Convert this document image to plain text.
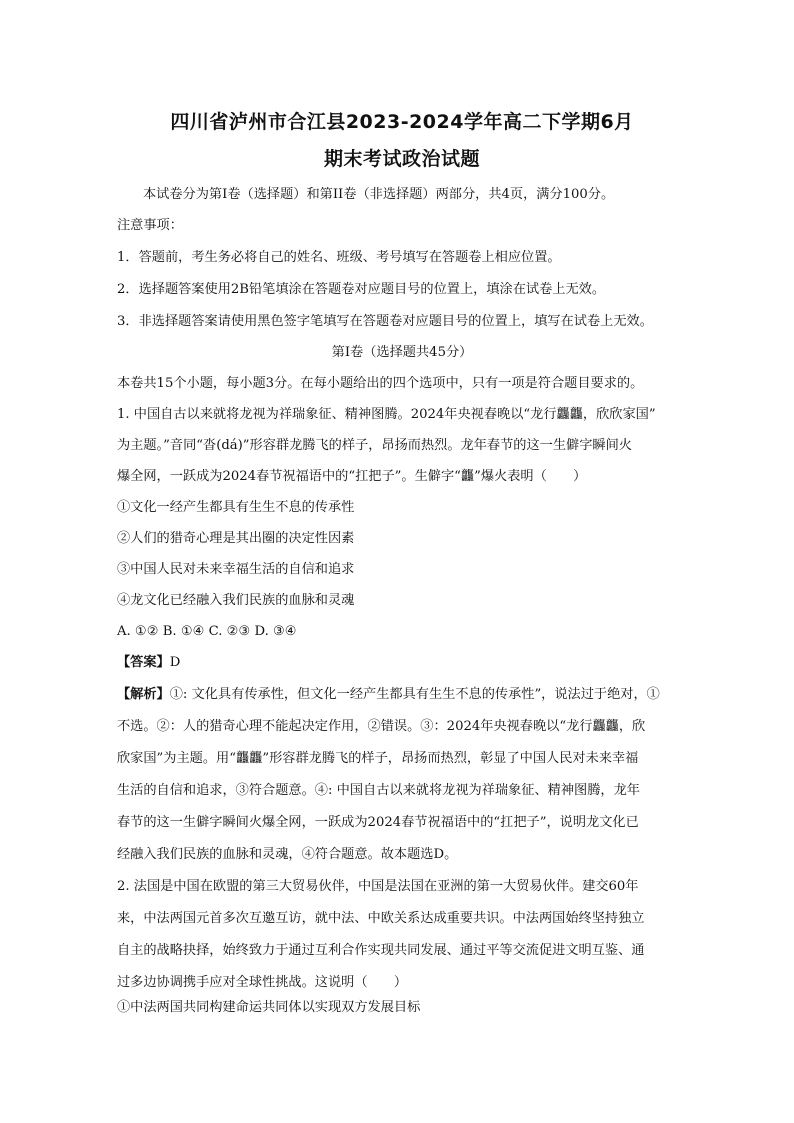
四川省泸州市合江县2023-2024学年高二下学期6月
期末考试政治试题
本试卷分为第I卷（选择题）和第II卷（非选择题）两部分，共4页，满分100分。
注意事项：
1．答题前，考生务必将自己的姓名、班级、考号填写在答题卷上相应位置。
2．选择题答案使用2B铅笔填涂在答题卷对应题目号的位置上，填涂在试卷上无效。
3．非选择题答案请使用黑色签字笔填写在答题卷对应题目号的位置上，填写在试卷上无效。
第I卷（选择题共45分）
本卷共15个小题，每小题3分。在每小题给出的四个选项中，只有一项是符合题目要求的。
1. 中国自古以来就将龙视为祥瑞象征、精神图腾。2024年央视春晚以“龙行龘龘，欣欣家国”
为主题。”音同“沓(dá)”形容群龙腾飞的样子，昂扬而热烈。龙年春节的这一生僻字瞬间火
爆全网，一跃成为2024春节祝福语中的“扛把子”。生僻字“龘”爆火表明（　　）
①文化一经产生都具有生生不息的传承性
②人们的猎奇心理是其出圈的决定性因素
③中国人民对未来幸福生活的自信和追求
④龙文化已经融入我们民族的血脉和灵魂
A. ①② B. ①④ C. ②③ D. ③④
【答案】D
【解析】①: 文化具有传承性，但文化一经产生都具有生生不息的传承性”，说法过于绝对，①
不选。②：人的猎奇心理不能起决定作用，②错误。③：2024年央视春晚以“龙行龘龘，欣
欣家国”为主题。用“龘龘”形容群龙腾飞的样子，昂扬而热烈，彰显了中国人民对未来幸福
生活的自信和追求，③符合题意。④: 中国自古以来就将龙视为祥瑞象征、精神图腾，龙年
春节的这一生僻字瞬间火爆全网，一跃成为2024春节祝福语中的“扛把子”，说明龙文化已
经融入我们民族的血脉和灵魂，④符合题意。故本题选D。
2. 法国是中国在欧盟的第三大贸易伙伴，中国是法国在亚洲的第一大贸易伙伴。建交60年
来，中法两国元首多次互邀互访，就中法、中欧关系达成重要共识。中法两国始终坚持独立
自主的战略抉择，始终致力于通过互利合作实现共同发展、通过平等交流促进文明互鉴、通
过多边协调携手应对全球性挑战。这说明（　　）
①中法两国共同构建命运共同体以实现双方发展目标
